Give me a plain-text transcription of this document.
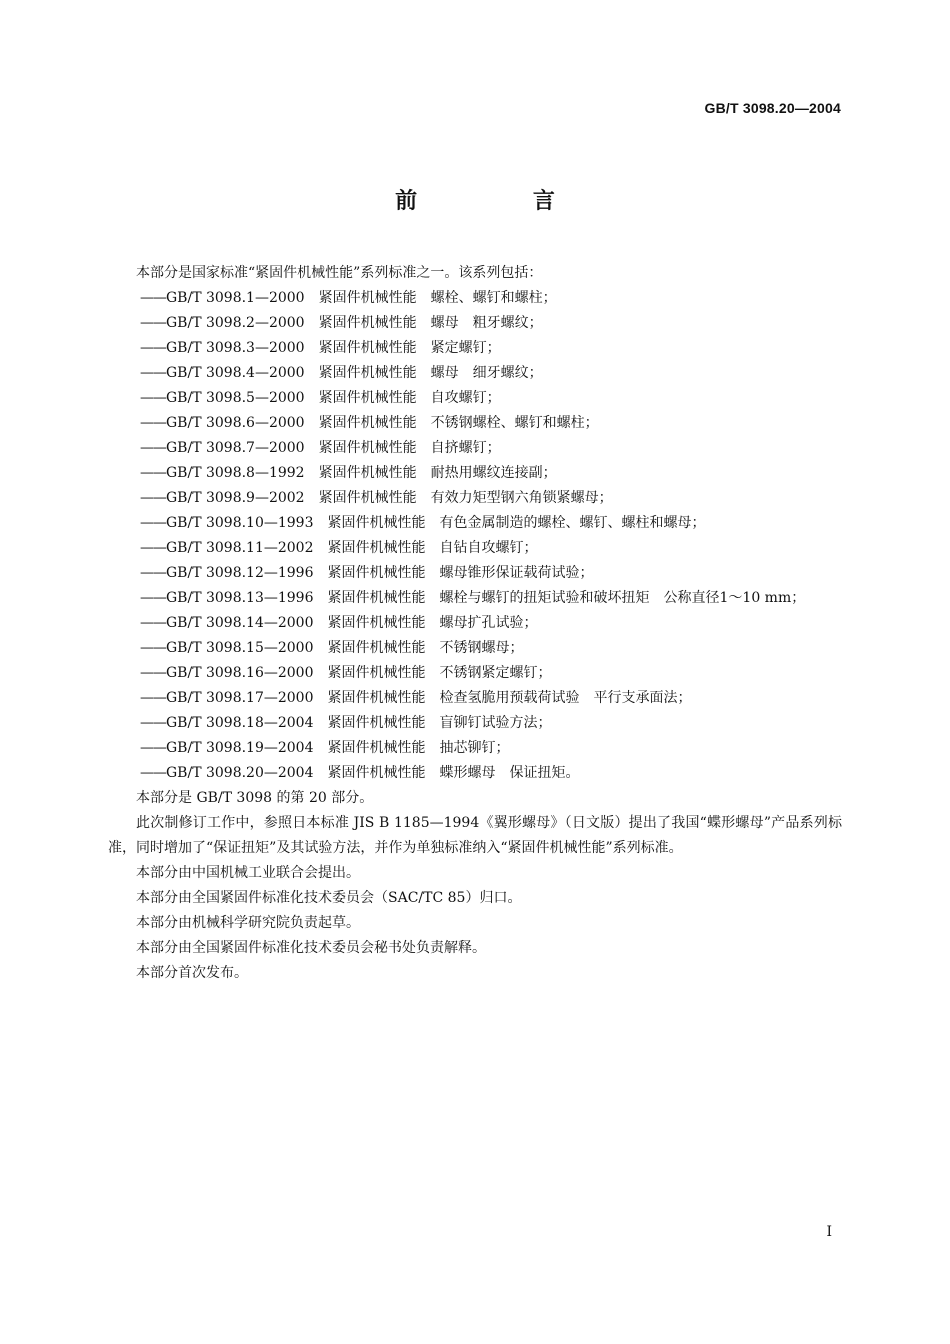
GB/T 3098.20—2004
前 言

本部分是国家标准“紧固件机械性能”系列标准之一。该系列包括：

——GB/T 3098.1—2000 紧固件机械性能 螺栓、螺钉和螺柱；

——GB/T 3098.2—2000 紧固件机械性能 螺母　粗牙螺纹；

——GB/T 3098.3—2000 紧固件机械性能 紧定螺钉；

——GB/T 3098.4—2000 紧固件机械性能 螺母　细牙螺纹；

——GB/T 3098.5—2000 紧固件机械性能 自攻螺钉；

——GB/T 3098.6—2000 紧固件机械性能 不锈钢螺栓、螺钉和螺柱；

——GB/T 3098.7—2000 紧固件机械性能 自挤螺钉；

——GB/T 3098.8—1992 紧固件机械性能 耐热用螺纹连接副；

——GB/T 3098.9—2002 紧固件机械性能 有效力矩型钢六角锁紧螺母；

——GB/T 3098.10—1993 紧固件机械性能 有色金属制造的螺栓、螺钉、螺柱和螺母；

——GB/T 3098.11—2002 紧固件机械性能 自钻自攻螺钉；

——GB/T 3098.12—1996 紧固件机械性能 螺母锥形保证载荷试验；

——GB/T 3098.13—1996 紧固件机械性能 螺栓与螺钉的扭矩试验和破坏扭矩　公称直径1～10 mm；

——GB/T 3098.14—2000 紧固件机械性能 螺母扩孔试验；

——GB/T 3098.15—2000 紧固件机械性能 不锈钢螺母；

——GB/T 3098.16—2000 紧固件机械性能 不锈钢紧定螺钉；

——GB/T 3098.17—2000 紧固件机械性能 检查氢脆用预载荷试验　平行支承面法；

——GB/T 3098.18—2004 紧固件机械性能 盲铆钉试验方法；

——GB/T 3098.19—2004 紧固件机械性能 抽芯铆钉；

——GB/T 3098.20—2004 紧固件机械性能 蝶形螺母　保证扭矩。

本部分是 GB/T 3098 的第 20 部分。

此次制修订工作中，参照日本标准 JIS B 1185—1994《翼形螺母》（日文版）提出了我国“蝶形螺母”产品系列标准，同时增加了“保证扭矩”及其试验方法，并作为单独标准纳入“紧固件机械性能”系列标准。

本部分由中国机械工业联合会提出。

本部分由全国紧固件标准化技术委员会（SAC/TC 85）归口。

本部分由机械科学研究院负责起草。

本部分由全国紧固件标准化技术委员会秘书处负责解释。

本部分首次发布。

I
